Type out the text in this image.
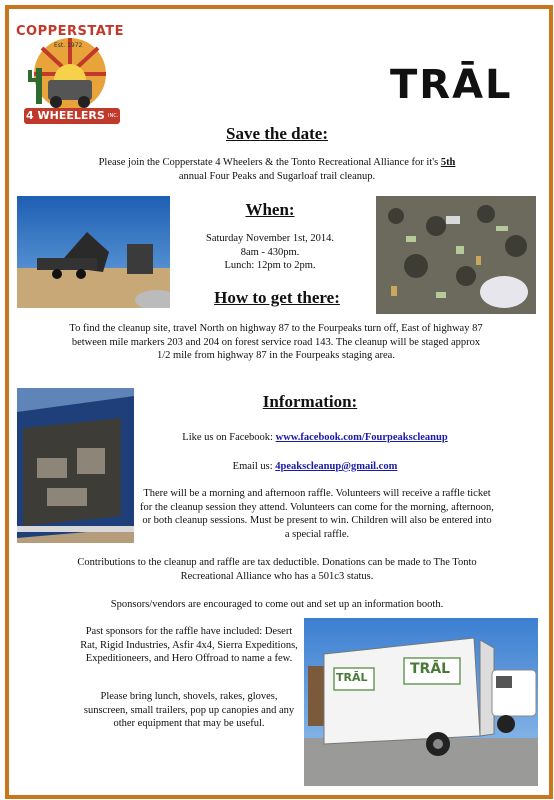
COPPERSTATE
Est. 1972
4 WHEELERS INC.
TRĀL
Save the date:
Please join the Copperstate 4 Wheelers & the Tonto Recreational Alliance for it's 5th
annual Four Peaks and Sugarloaf trail cleanup.
When:
Saturday November 1st, 2014.
8am - 430pm.
Lunch: 12pm to 2pm.
How to get there:
To find the cleanup site, travel North on highway 87 to the Fourpeaks turn off, East of highway 87 between mile markers 203 and 204 on forest service road 143. The cleanup will be staged approx 1/2 mile from highway 87 in the Fourpeaks staging area.
Information:
Like us on Facebook: www.facebook.com/Fourpeakscleanup
Email us: 4peakscleanup@gmail.com
There will be a morning and afternoon raffle. Volunteers will receive a raffle ticket for the cleanup session they attend. Volunteers can come for the morning, afternoon, or both cleanup sessions. Must be present to win. Children will also be entered into a special raffle.
Contributions to the cleanup and raffle are tax deductible. Donations can be made to The Tonto Recreational Alliance who has a 501c3 status.
Sponsors/vendors are encouraged to come out and set up an information booth.
Past sponsors for the raffle have included: Desert Rat, Rigid Industries, Asfir 4x4, Sierra Expeditions, Expeditioneers, and Hero Offroad to name a few.
Please bring lunch, shovels, rakes, gloves, sunscreen, small trailers, pop up canopies and any other equipment that may be useful.
TRĀL
TRĀL
